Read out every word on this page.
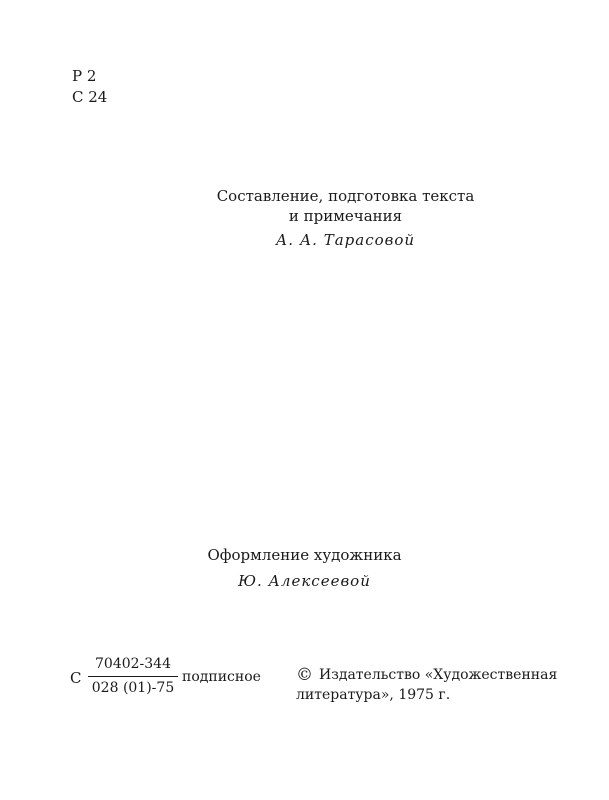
Р 2
С 24
Составление, подготовка текста
и примечания
А. А. Тарасовой
Оформление художника
Ю. Алексеевой
С $\frac{70402-344}{028 (01)-75}$ подписное © Издательство «Художественная
литература», 1975 г.
